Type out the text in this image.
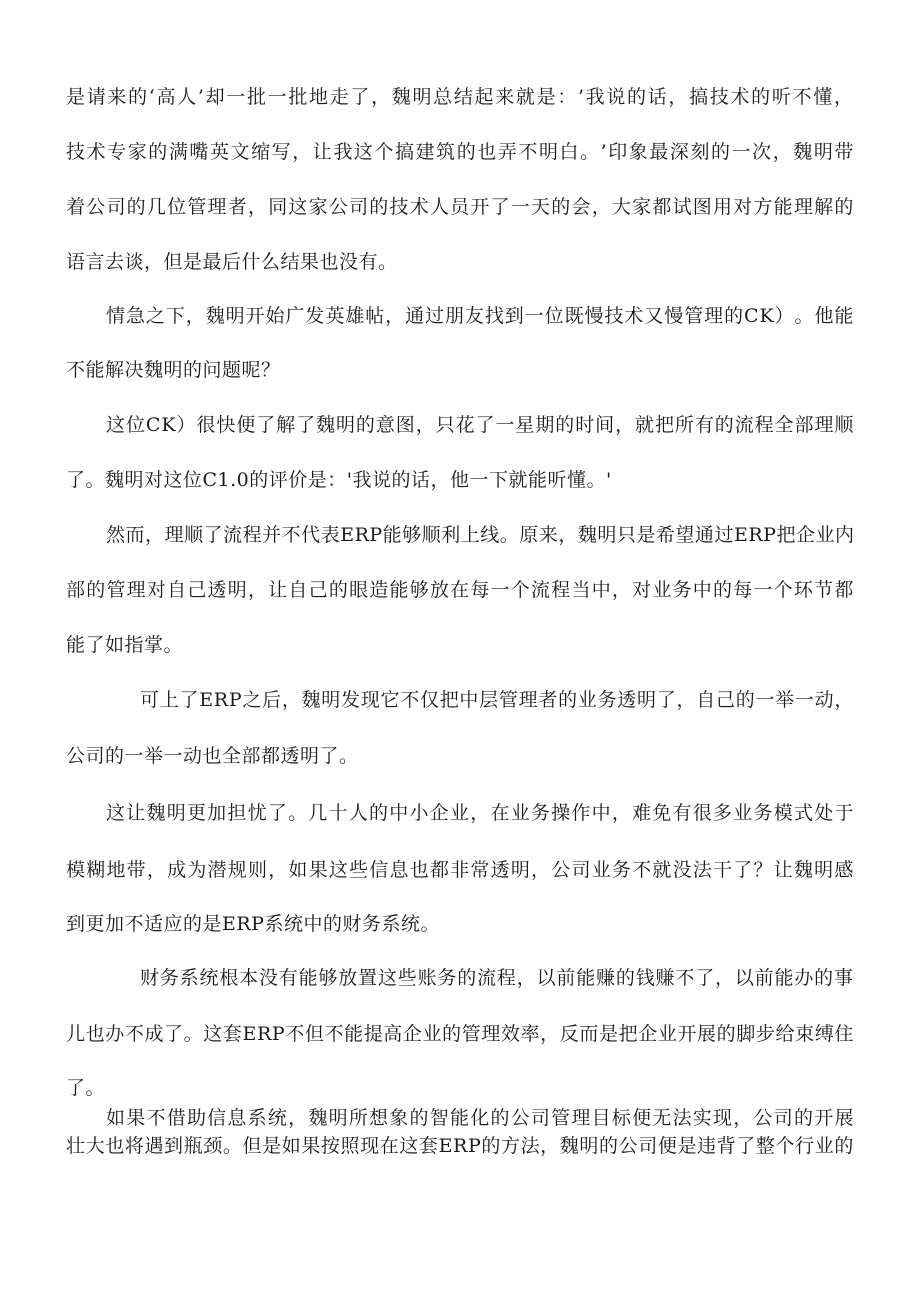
是 请 来 的 ‘ 高 人 ’ 却 一 批 一 批 地 走 了 ， 魏 明 总 结 起 来 就 是 ： ’ 我 说 的 话 ， 搞 技 术 的 听 不 懂 ，
技 术 专 家 的 满 嘴 英 文 缩 写 ， 让 我 这 个 搞 建 筑 的 也 弄 不 明 白 。 ’ 印 象 最 深 刻 的 一 次 ， 魏 明 带
着 公 司 的 几 位 管 理 者 ， 同 这 家 公 司 的 技 术 人 员 开 了 一 天 的 会 ， 大 家 都 试 图 用 对 方 能 理 解 的
语言去谈，但是最后什么结果也没有。
情 急 之 下 ， 魏 明 开 始 广 发 英 雄 帖 ， 通 过 朋 友 找 到 一 位 既 慢 技 术 又 慢 管 理 的 C K ） 。 他 能
不能解决魏明的问题呢？
这 位 C K ） 很 快 便 了 解 了 魏 明 的 意 图 ， 只 花 了 一 星 期 的 时 间 ， 就 把 所 有 的 流 程 全 部 理 顺
了。魏明对这位C1.0的评价是：'我说的话，他一下就能听懂。'
然 而 ， 理 顺 了 流 程 并 不 代 表 E R P 能 够 顺 利 上 线 。 原 来 ， 魏 明 只 是 希 望 通 过 E R P 把 企 业 内
部 的 管 理 对 自 己 透 明 ， 让 自 己 的 眼 造 能 够 放 在 每 一 个 流 程 当 中 ， 对 业 务 中 的 每 一 个 环 节 都
能了如指掌。
可 上 了 E R P 之 后 ， 魏 明 发 现 它 不 仅 把 中 层 管 理 者 的 业 务 透 明 了 ， 自 己 的 一 举 一 动 ，
公司的一举一动也全部都透明了。
这 让 魏 明 更 加 担 忧 了 。 几 十 人 的 中 小 企 业 ， 在 业 务 操 作 中 ， 难 免 有 很 多 业 务 模 式 处 于
模 糊 地 带 ， 成 为 潜 规 则 ， 如 果 这 些 信 息 也 都 非 常 透 明 ， 公 司 业 务 不 就 没 法 干 了 ？ 让 魏 明 感
到更加不适应的是ERP系统中的财务系统。
财 务 系 统 根 本 没 有 能 够 放 置 这 些 账 务 的 流 程 ， 以 前 能 赚 的 钱 赚 不 了 ， 以 前 能 办 的 事
儿 也 办 不 成 了 。 这 套 E R P 不 但 不 能 提 高 企 业 的 管 理 效 率 ， 反 而 是 把 企 业 开 展 的 脚 步 给 束 缚 住
了。
如 果 不 借 助 信 息 系 统 ， 魏 明 所 想 象 的 智 能 化 的 公 司 管 理 目 标 便 无 法 实 现 ， 公 司 的 开 展
壮 大 也 将 遇 到 瓶 颈 。 但 是 如 果 按 照 现 在 这 套 E R P 的 方 法 ， 魏 明 的 公 司 便 是 违 背 了 整 个 行 业 的
